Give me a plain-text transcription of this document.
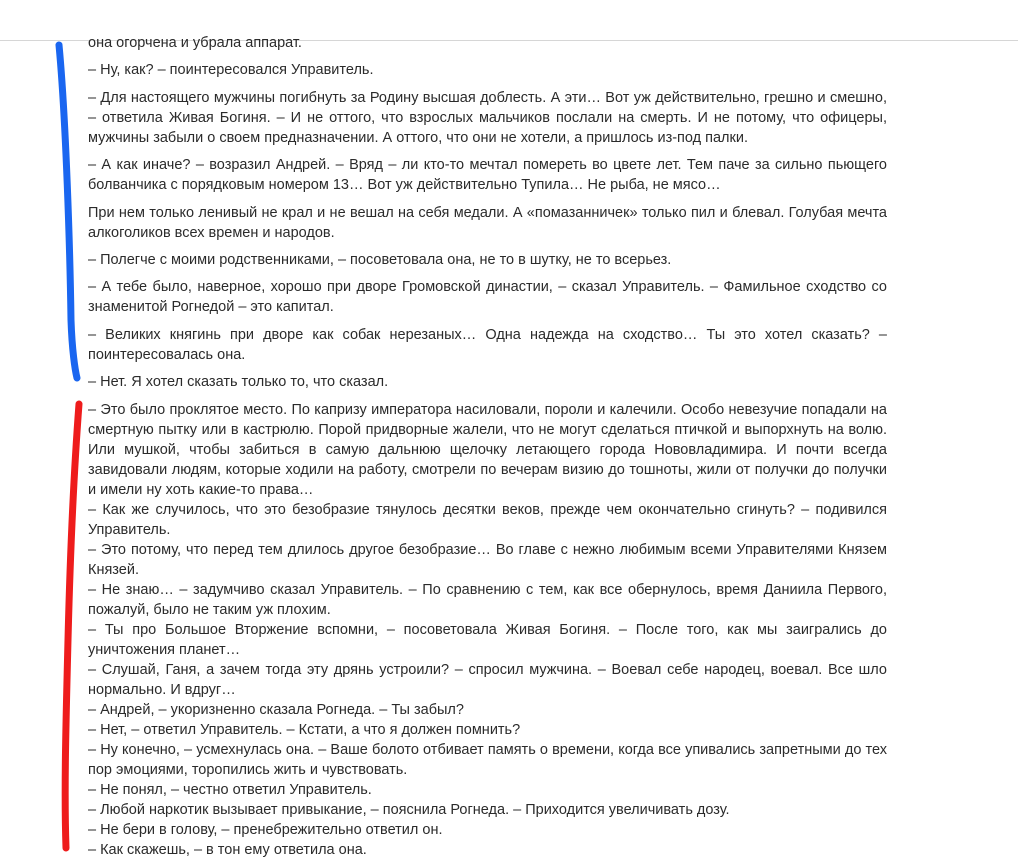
она огорчена и убрала аппарат.

– Ну, как? – поинтересовался Управитель.

– Для настоящего мужчины погибнуть за Родину высшая доблесть. А эти… Вот уж действительно, грешно и смешно, – ответила Живая Богиня. – И не оттого, что взрослых мальчиков послали на смерть. И не потому, что офицеры, мужчины забыли о своем предназначении. А оттого, что они не хотели, а пришлось из-под палки.

– А как иначе? – возразил Андрей. – Вряд – ли кто-то мечтал помереть во цвете лет. Тем паче за сильно пьющего болванчика с порядковым номером 13… Вот уж действительно Тупила… Не рыба, не мясо…

При нем только ленивый не крал и не вешал на себя медали. А «помазанничек» только пил и блевал. Голубая мечта алкоголиков всех времен и народов.

– Полегче с моими родственниками, – посоветовала она, не то в шутку, не то всерьез.

– А тебе было, наверное, хорошо при дворе Громовской династии, – сказал Управитель. – Фамильное сходство со знаменитой Рогнедой – это капитал.

– Великих княгинь при дворе как собак нерезаных… Одна надежда на сходство… Ты это хотел сказать? – поинтересовалась она.

– Нет. Я хотел сказать только то, что сказал.

– Это было проклятое место. По капризу императора насиловали, пороли и калечили. Особо невезучие попадали на смертную пытку или в кастрюлю. Порой придворные жалели, что не могут сделаться птичкой и выпорхнуть на волю. Или мушкой, чтобы забиться в самую дальнюю щелочку летающего города Нововладимира. И почти всегда завидовали людям, которые ходили на работу, смотрели по вечерам визию до тошноты, жили от получки до получки и имели ну хоть какие-то права…

– Как же случилось, что это безобразие тянулось десятки веков, прежде чем окончательно сгинуть? – подивился Управитель.

– Это потому, что перед тем длилось другое безобразие… Во главе с нежно любимым всеми Управителями Князем Князей.

– Не знаю… – задумчиво сказал Управитель. – По сравнению с тем, как все обернулось, время Даниила Первого, пожалуй, было не таким уж плохим.

– Ты про Большое Вторжение вспомни, – посоветовала Живая Богиня. – После того, как мы заигрались до уничтожения планет…

– Слушай, Ганя, а зачем тогда эту дрянь устроили? – спросил мужчина. – Воевал себе народец, воевал. Все шло нормально. И вдруг…

– Андрей, – укоризненно сказала Рогнеда. – Ты забыл?

– Нет, – ответил Управитель. – Кстати, а что я должен помнить?

– Ну конечно, – усмехнулась она. – Ваше болото отбивает память о времени, когда все упивались запретными до тех пор эмоциями, торопились жить и чувствовать.

– Не понял, – честно ответил Управитель.

– Любой наркотик вызывает привыкание, – пояснила Рогнеда. – Приходится увеличивать дозу.

– Не бери в голову, – пренебрежительно ответил он.

– Как скажешь, – в тон ему ответила она.
